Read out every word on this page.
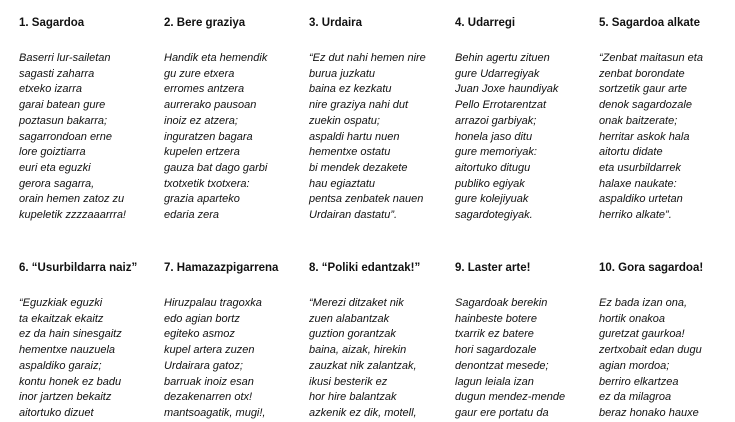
1. Sagardoa
Baserri lur-sailetan
sagasti zaharra
etxeko izarra
garai batean gure
poztasun bakarra;
sagarrondoan erne
lore goiztiarra
euri eta eguzki
gerora sagarra,
orain hemen zatoz zu
kupeletik zzzzaaarrra!
2. Bere graziya
Handik eta hemendik
gu zure etxera
erromes antzera
aurrerako pausoan
inoiz ez atzera;
inguratzen bagara
kupelen ertzera
gauza bat dago garbi
txotxetik txotxera:
grazia aparteko
edaria zera
3. Urdaira
“Ez dut nahi hemen nire
burua juzkatu
baina ez kezkatu
nire graziya nahi dut
zuekin ospatu;
aspaldi hartu nuen
hementxe ostatu
bi mendek dezakete
hau egiaztatu
pentsa zenbatek nauen
Urdairan dastatu”.
4. Udarregi
Behin agertu zituen
gure Udarregiyak
Juan Joxe haundiyak
Pello Errotarentzat
arrazoi garbiyak;
honela jaso ditu
gure memoriyak:
aitortuko ditugu
publiko egiyak
gure kolejiyuak
sagardotegiyak.
5. Sagardoa alkate
“Zenbat maitasun eta
zenbat borondate
sortzetik gaur arte
denok sagardozale
onak baitzerate;
herritar askok hala
aitortu didate
eta usurbildarrek
halaxe naukate:
aspaldiko urtetan
herriko alkate”.
6. “Usurbildarra naiz”
“Eguzkiak eguzki
ta ekaitzak ekaitz
ez da hain sinesgaitz
hementxe nauzuela
aspaldiko garaiz;
kontu honek ez badu
inor jartzen bekaitz
aitortuko dizuet
7. Hamazazpigarrena
Hiruzpalau tragoxka
edo agian bortz
egiteko asmoz
kupel artera zuzen
Urdairara gatoz;
barruak inoiz esan
dezakenarren otx!
mantsoagatik, mugi!,
8. “Poliki edantzak!”
“Merezi ditzaket nik
zuen alabantzak
guztion gorantzak
baina, aizak, hirekin
zauzkat nik zalantzak,
ikusi besterik ez
hor hire balantzak
azkenik ez dik, motell,
9. Laster arte!
Sagardoak berekin
hainbeste botere
txarrik ez batere
hori sagardozale
denontzat mesede;
lagun leiala izan
dugun mendez-mende
gaur ere portatu da
10. Gora sagardoa!
Ez bada izan ona,
hortik onakoa
guretzat gaurkoa!
zertxobait edan dugu
agian mordoa;
berriro elkartzea
ez da milagroa
beraz honako hauxe
